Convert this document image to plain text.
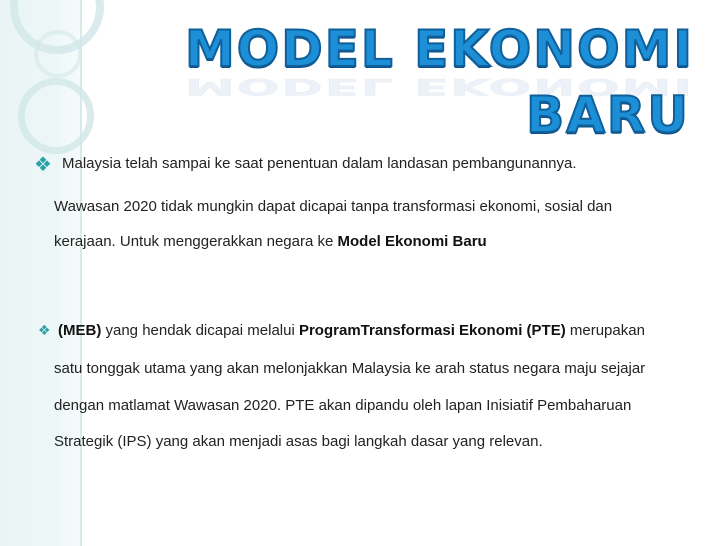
MODEL EKONOMI
MODEL EKONOMI
BARU
❖ Malaysia telah sampai ke saat penentuan dalam landasan pembangunannya.
Wawasan 2020 tidak mungkin dapat dicapai tanpa transformasi ekonomi, sosial dan
kerajaan. Untuk menggerakkan negara ke Model Ekonomi Baru
❖ (MEB) yang hendak dicapai melalui ProgramTransformasi Ekonomi (PTE) merupakan
satu tonggak utama yang akan melonjakkan Malaysia ke arah status negara maju sejajar
dengan matlamat Wawasan 2020. PTE akan dipandu oleh lapan Inisiatif Pembaharuan
Strategik (IPS) yang akan menjadi asas bagi langkah dasar yang relevan.
